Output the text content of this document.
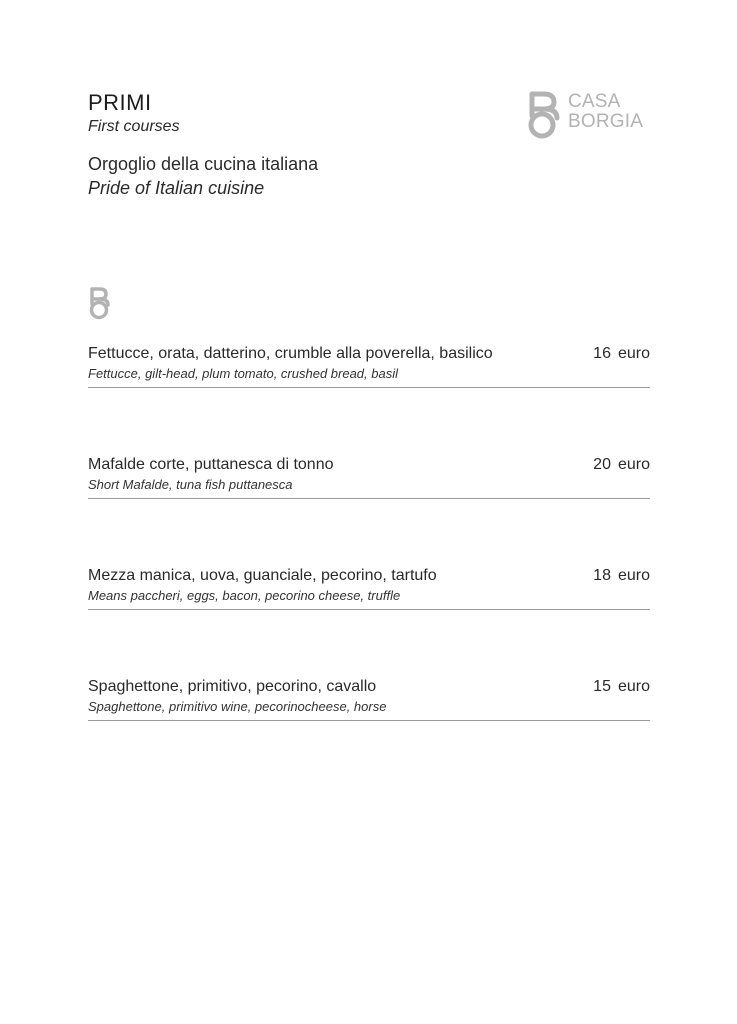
PRIMI
First courses
Orgoglio della cucina italiana
Pride of Italian cuisine
CASA
BORGIA
Fettucce, orata, datterino, crumble alla poverella, basilico
Fettucce, gilt-head, plum tomato, crushed bread, basil
16 euro
Mafalde corte, puttanesca di tonno
Short Mafalde, tuna fish puttanesca
20 euro
Mezza manica, uova, guanciale, pecorino, tartufo
Means paccheri, eggs, bacon, pecorino cheese, truffle
18 euro
Spaghettone, primitivo, pecorino, cavallo
Spaghettone, primitivo wine, pecorinocheese, horse
15 euro
